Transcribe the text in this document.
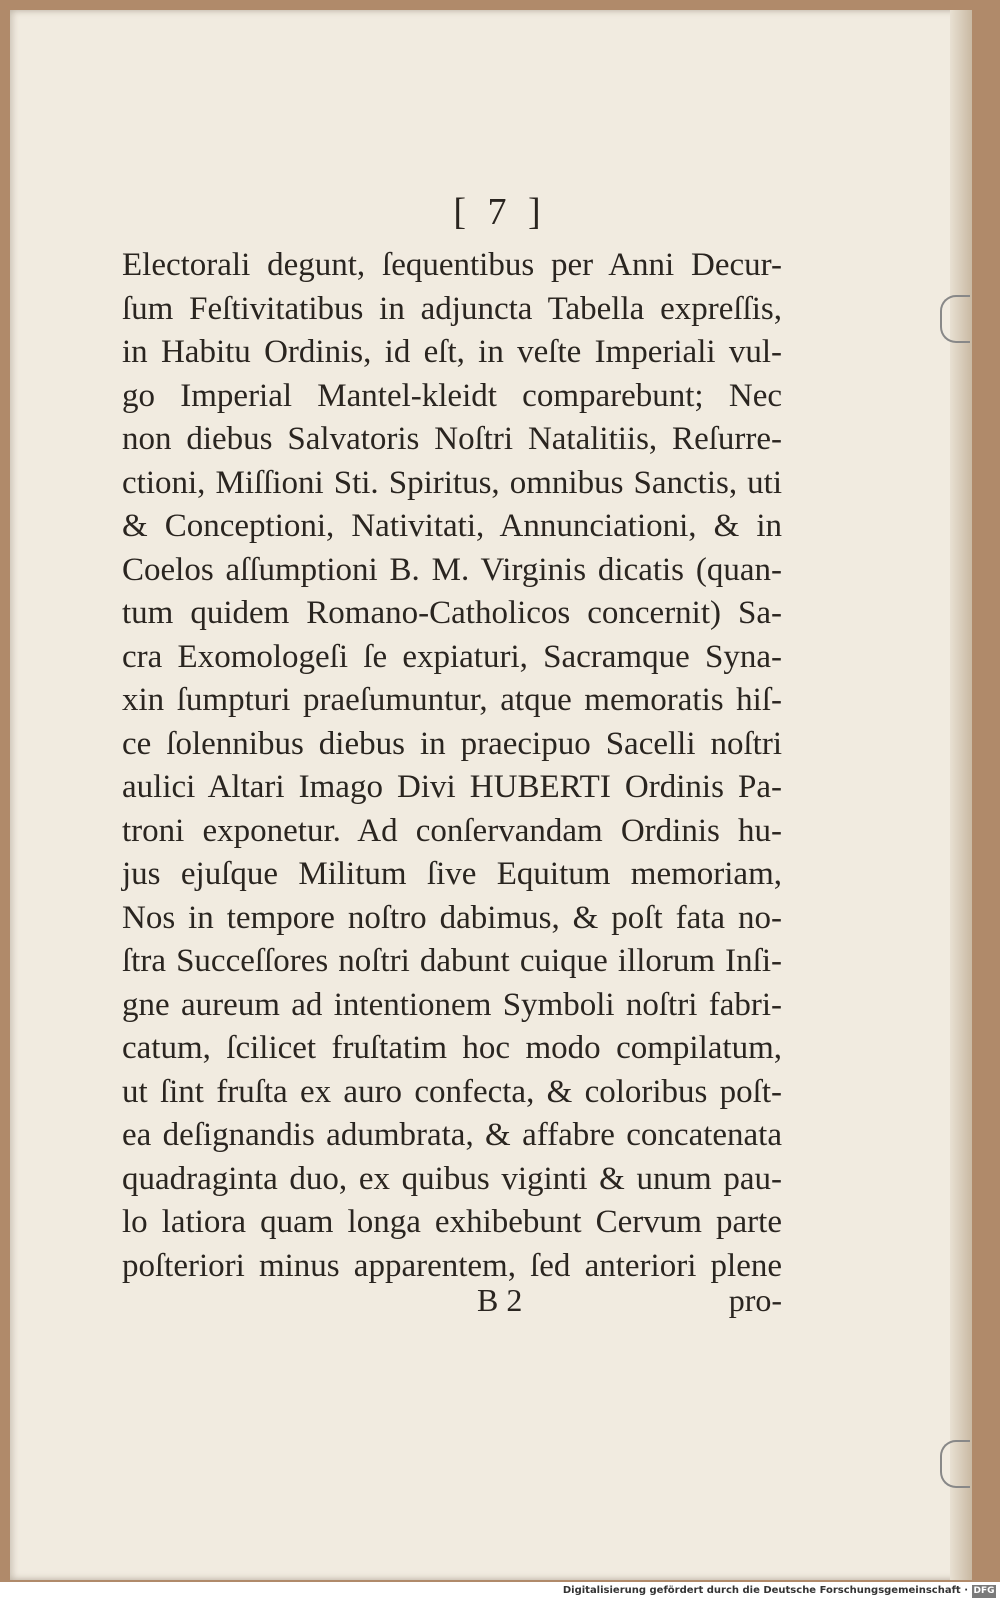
[ 7 ]
Electorali degunt, ſequentibus per Anni Decur-
ſum Feſtivitatibus in adjuncta Tabella expreſſis,
in Habitu Ordinis, id eſt, in veſte Imperiali vul-
go Imperial Mantel-kleidt comparebunt; Nec
non diebus Salvatoris Noſtri Natalitiis, Reſurre-
ctioni, Miſſioni Sti. Spiritus, omnibus Sanctis, uti
& Conceptioni, Nativitati, Annunciationi, & in
Coelos aſſumptioni B. M. Virginis dicatis (quan-
tum quidem Romano-Catholicos concernit) Sa-
cra Exomologeſi ſe expiaturi, Sacramque Syna-
xin ſumpturi praeſumuntur, atque memoratis hiſ-
ce ſolennibus diebus in praecipuo Sacelli noſtri
aulici Altari Imago Divi HUBERTI Ordinis Pa-
troni exponetur. Ad conſervandam Ordinis hu-
jus ejuſque Militum ſive Equitum memoriam,
Nos in tempore noſtro dabimus, & poſt fata no-
ſtra Succeſſores noſtri dabunt cuique illorum Inſi-
gne aureum ad intentionem Symboli noſtri fabri-
catum, ſcilicet fruſtatim hoc modo compilatum,
ut ſint fruſta ex auro confecta, & coloribus poſt-
ea deſignandis adumbrata, & affabre concatenata
quadraginta duo, ex quibus viginti & unum pau-
lo latiora quam longa exhibebunt Cervum parte
poſteriori minus apparentem, ſed anteriori plene
B 2	pro-
Digitalisierung gefördert durch die Deutsche Forschungsgemeinschaft · DFG
